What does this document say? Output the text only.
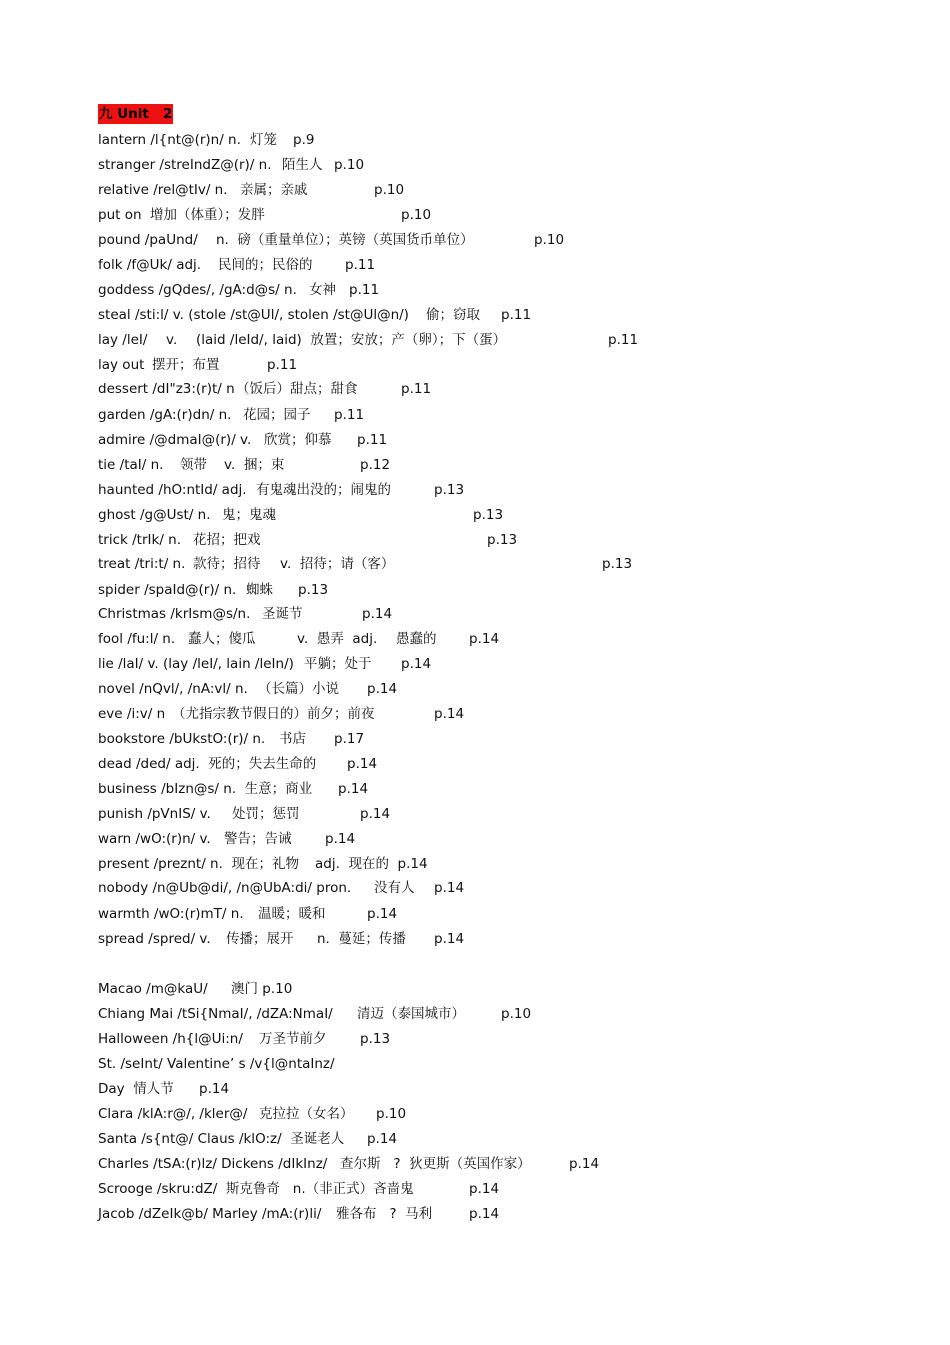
九 Unit   2
lantern /l{nt@(r)n/ n. 灯笼 p.9
stranger /streIndZ@(r)/ n. 陌生人 p.10
relative /rel@tIv/ n. 亲属；亲戚	p.10
put on 增加（体重）；发胖	p.10
pound /paUnd/ n.  磅（重量单位）；英镑（英国货币单位）	p.10
folk /f@Uk/ adj. 民间的；民俗的 p.11
goddess /gQdes/, /gA:d@s/ n. 女神 p.11
steal /sti:l/ v. (stole /st@Ul/, stolen /st@Ul@n/) 偷；窃取 p.11
lay /leI/ v. (laid /leId/, laid)  放置；安放；产（卵）；下（蛋）	p.11
lay out 摆开；布置	p.11
dessert /dI"z3:(r)t/ n （饭后）甜点；甜食	p.11
garden /gA:(r)dn/ n. 花园；园子 p.11
admire /@dmaI@(r)/ v. 欣赏；仰慕 p.11
tie /taI/ n. 领带 v.  捆；束	p.12
haunted /hO:ntId/ adj. 有鬼魂出没的；闹鬼的	p.13
ghost /g@Ust/ n. 鬼；鬼魂	p.13
trick /trIk/ n. 花招；把戏	p.13
treat /tri:t/ n. 款待；招待 v.  招待；请（客）	p.13
spider /spaId@(r)/ n. 蜘蛛 p.13
Christmas /krIsm@s/n. 圣诞节	p.14
fool /fu:l/ n. 蠢人；傻瓜	v.  愚弄  adj. 愚蠢的 p.14
lie /laI/ v. (lay /leI/, lain /leIn/) 平躺；处于 p.14
novel /nQvl/, /nA:vl/ n. （长篇）小说 p.14
eve /i:v/ n （尤指宗教节假日的）前夕；前夜	p.14
bookstore /bUkstO:(r)/ n. 书店 p.17
dead /ded/ adj.  死的；失去生命的 p.14
business /bIzn@s/ n.  生意；商业 p.14
punish /pVnIS/ v. 处罚；惩罚	p.14
warn /wO:(r)n/ v. 警告；告诫 p.14
present /preznt/ n.  现在；礼物 adj.  现在的  p.14
nobody /n@Ub@di/, /n@UbA:di/ pron. 没有人 p.14
warmth /wO:(r)mT/ n. 温暖；暖和	p.14
spread /spred/ v. 传播；展开 n.  蔓延；传播 p.14
Macao /m@kaU/ 澳门 p.10
Chiang Mai /tSi{NmaI/, /dZA:NmaI/ 清迈（泰国城市）	p.10
Halloween /h{l@Ui:n/ 万圣节前夕 p.13
St. /seInt/ Valentine’ s /v{l@ntaInz/
Day  情人节 p.14
Clara /klA:r@/, /kler@/ 克拉拉（女名） p.10
Santa /s{nt@/ Claus /klO:z/  圣诞老人 p.14
Charles /tSA:(r)lz/ Dickens /dIkInz/ 查尔斯   ?  狄更斯（英国作家）	p.14
Scrooge /skru:dZ/  斯克鲁奇   n.（非正式）吝啬鬼	p.14
Jacob /dZeIk@b/ Marley /mA:(r)li/ 雅各布   ?  马利	p.14
